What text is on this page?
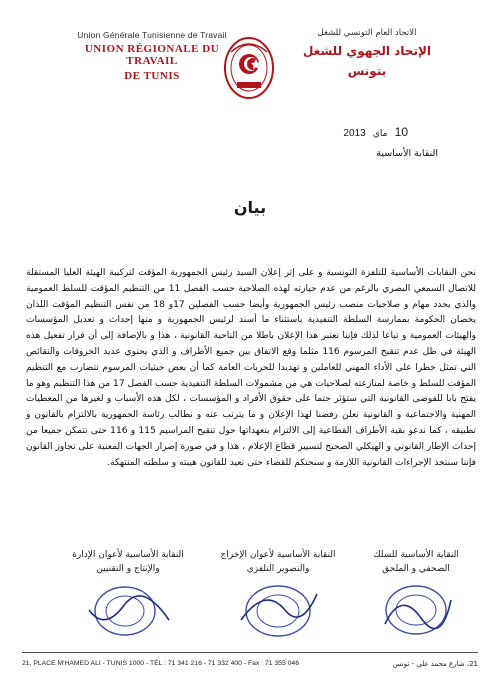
Union Générale Tunisienne de Travail
UNION RÉGIONALE DU TRAVAIL
DE TUNIS
الاتحاد العام التونسي للشغل
الإتحاد الجهوي للشغل
بتونس
10 ماي 2013
النقابة الأساسية
بيان

نحن النقابات الأساسية للتلفزة التونسية و على إثر إعلان السيد رئيس الجمهورية المؤقت لتركيبة الهيئة العليا المستقلة للاتصال السمعي البصري بالرغم من عدم حيازته لهذه الصلاحية حسب الفصل 11 من التنظيم المؤقت للسلط العمومية والذي يحدد مهام و صلاحيات منصب رئيس الجمهورية وأيضا حسب الفصلين 17و 18 من نفس التنظيم المؤقت اللذان يخصان الحكومة بممارسة السلطة التنفيذية باستثناء ما أسند لرئيس الجمهورية و منها إحداث و تعديل المؤسسات والهيئات العمومية و تباعا لذلك فإننا نعتبر هذا الإعلان باطلا من الناحية القانونية ، هذا و بالإضافة إلى أن قرار تفعيل هذه الهيئة في ظل عدم تنقيح المرسوم 116 مثلما وقع الاتفاق بين جميع الأطراف و الذي يحتوي عديد الخروقات والنقائص التي تمثل خطرا على الأداء المهني للعاملين و تهديدا للحريات العامة كما أن بعض حيثيات المرسوم تتضارب مع التنظيم المؤقت للسلط و خاصة لمنازعته لصلاحيات هي من مشمولات السلطة التنفيذية حسب الفصل 17 من هذا التنظيم وهو ما يفتح بابا للفوضى القانونية التي ستؤثر حتما على حقوق الأفراد و المؤسسات ، لكل هذه الأسباب و لغيرها من المعطيات المهنية والاجتماعية و القانونية نعلن رفضنا لهذا الإعلان و ما يترتب عنه و نطالب رئاسة الجمهورية بالالتزام بالقانون و تطبيقه ، كما ندعو بقية الأطراف القطاعية إلى الالتزام بتعهداتها حول تنقيح المراسيم 115 و 116 حتى نتمكن جميعا من إحداث الإطار القانوني و الهيكلي الصحيح لتسيير قطاع الإعلام ، هذا و في صورة إصرار الجهات المعنية على تجاوز القانون فإننا سنتخذ الإجراءات القانونية اللازمة و سنحتكم للقضاء حتى نعيد للقانون هيبته و سلطته المنتهكة.

النقابة الأساسية للسلك
الصحفي و الملحق
النقابة الأساسية لأعوان الإخراج
والتصوير التلفزي
النقابة الأساسية لأعوان الإدارة
والإنتاج و التقنيين
21, PLACE M'HAMED ALI - TUNIS 1000 - TÉL : 71 341 216 - 71 332 400 - Fax : 71 355 046	21، شارع محمد علي - تونس
